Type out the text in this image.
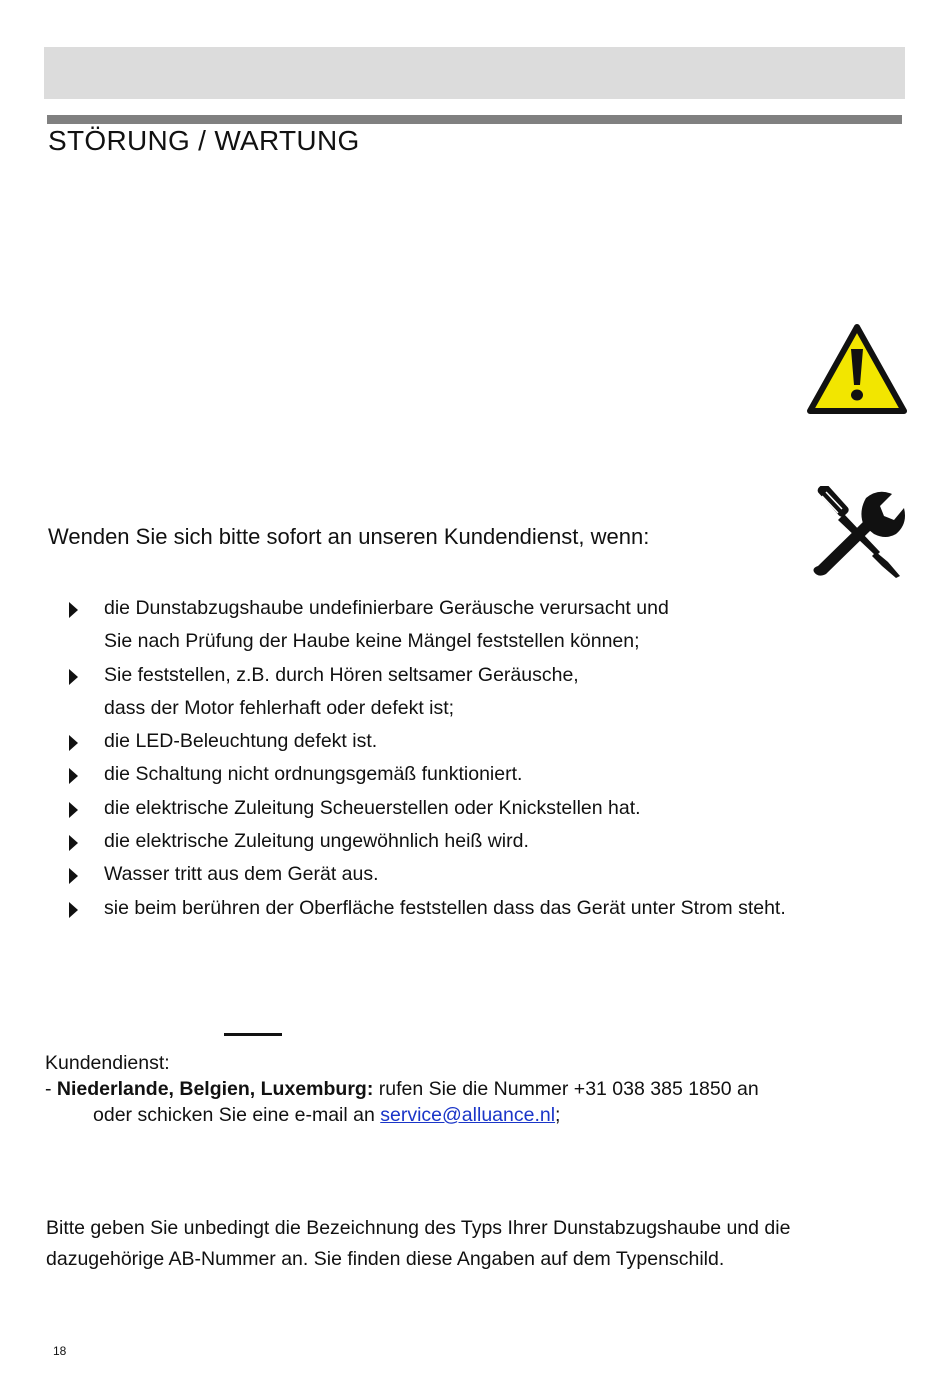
STÖRUNG / WARTUNG
Wenden Sie sich bitte sofort an unseren Kundendienst, wenn:
die Dunstabzugshaube undefinierbare Geräusche verursacht und
Sie nach Prüfung der Haube keine Mängel feststellen können;
Sie feststellen, z.B. durch Hören seltsamer Geräusche,
dass der Motor fehlerhaft oder defekt ist;
die LED-Beleuchtung defekt ist.
die Schaltung nicht ordnungsgemäß funktioniert.
die elektrische Zuleitung Scheuerstellen oder Knickstellen hat.
die elektrische Zuleitung ungewöhnlich heiß wird.
Wasser tritt aus dem Gerät aus.
sie beim berühren der Oberfläche feststellen dass das Gerät unter Strom steht.
Kundendienst:
- Niederlande, Belgien, Luxemburg: rufen Sie die Nummer +31 038 385 1850 an
oder schicken Sie eine e-mail an service@alluance.nl;
Bitte geben Sie unbedingt die Bezeichnung des Typs Ihrer Dunstabzugshaube und die
dazugehörige AB-Nummer an. Sie finden diese Angaben auf dem Typenschild.
18
